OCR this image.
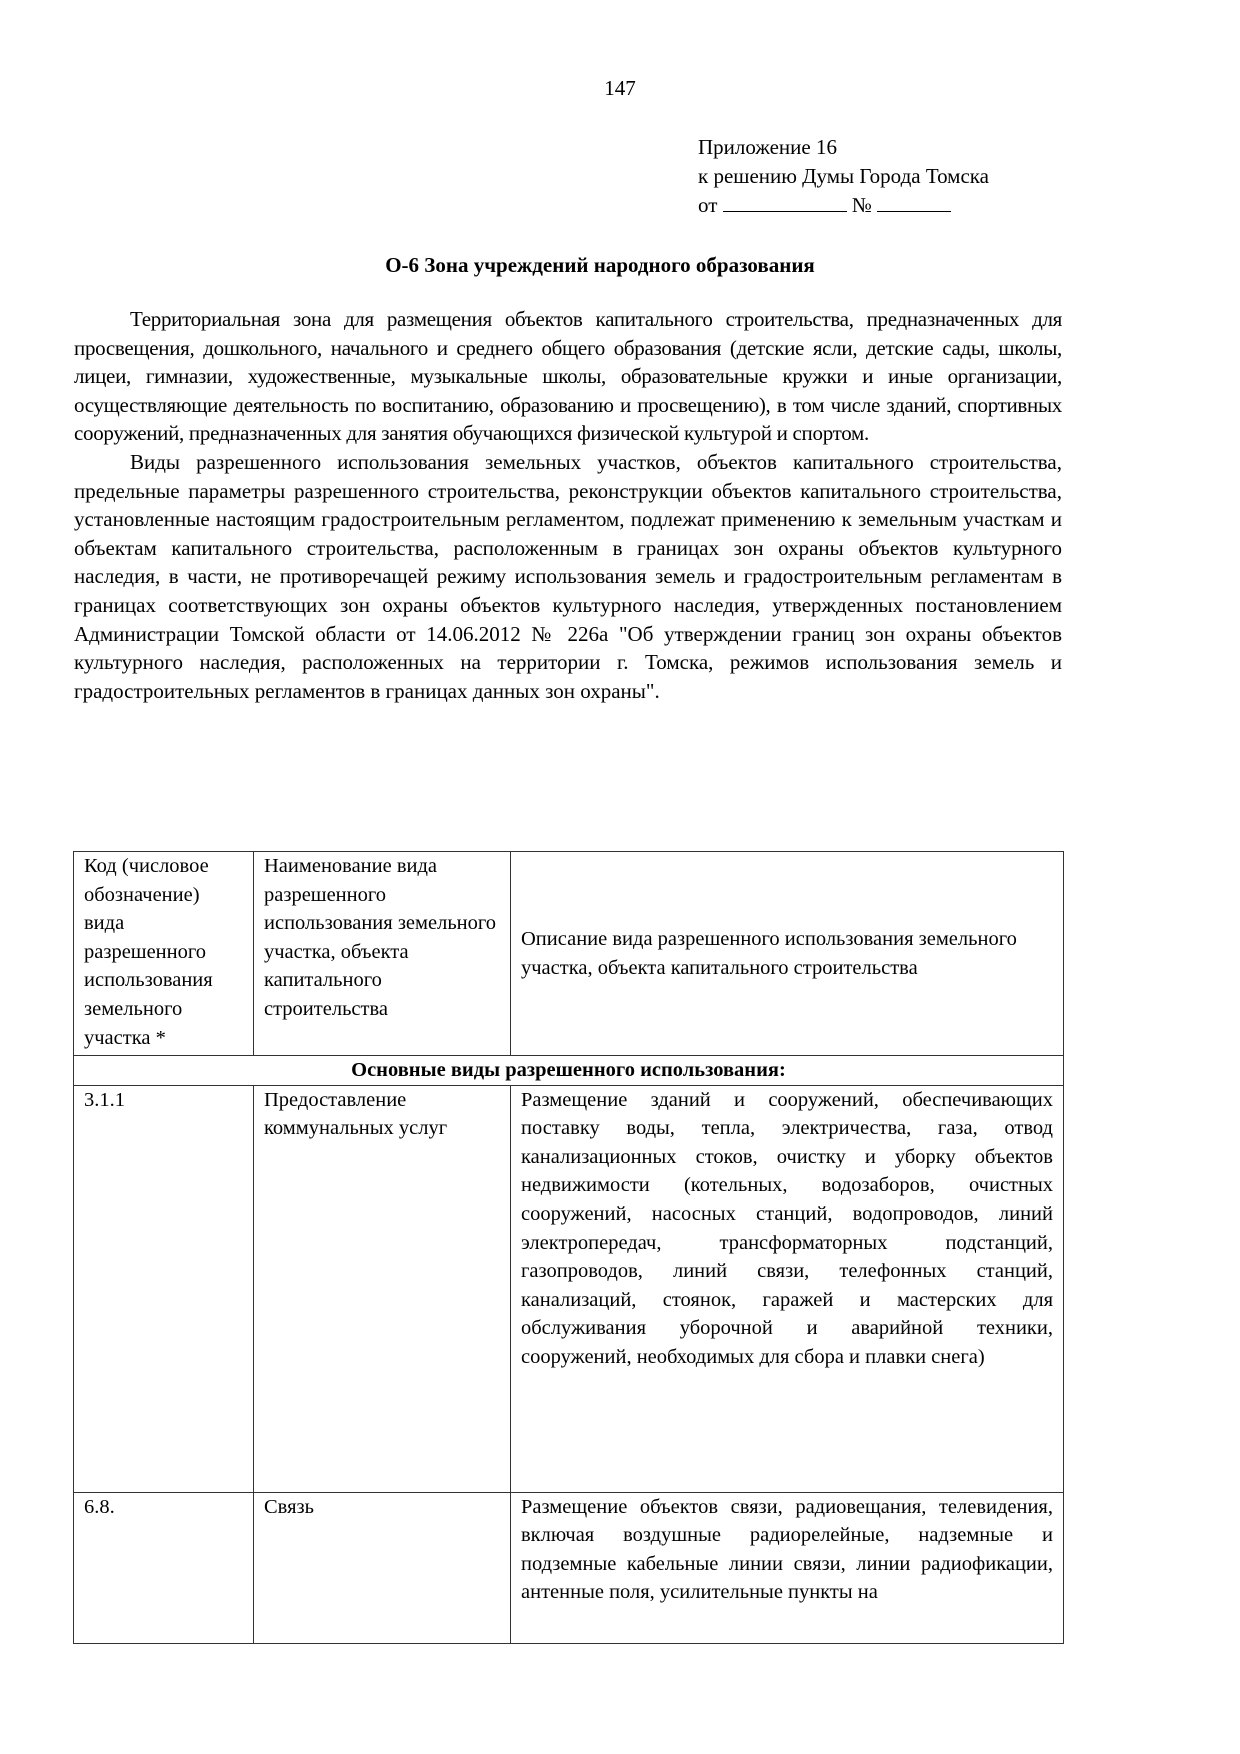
147
Приложение 16
к решению Думы Города Томска
от	№
О-6 Зона учреждений народного образования

Территориальная зона для размещения объектов капитального строительства, предназначенных для просвещения, дошкольного, начального и среднего общего образования (детские ясли, детские сады, школы, лицеи, гимназии, художественные, музыкальные школы, образовательные кружки и иные организации, осуществляющие деятельность по воспитанию, образованию и просвещению), в том числе зданий, спортивных сооружений, предназначенных для занятия обучающихся физической культурой и спортом.

Виды разрешенного использования земельных участков, объектов капитального строительства, предельные параметры разрешенного строительства, реконструкции объектов капитального строительства, установленные настоящим градостроительным регламентом, подлежат применению к земельным участкам и объектам капитального строительства, расположенным в границах зон охраны объектов культурного наследия, в части, не противоречащей режиму использования земель и градостроительным регламентам в границах соответствующих зон охраны объектов культурного наследия, утвержденных постановлением Администрации Томской области от 14.06.2012 № 226а "Об утверждении границ зон охраны объектов культурного наследия, расположенных на территории г. Томска, режимов использования земель и градостроительных регламентов в границах данных зон охраны".

Код (числовое обозначение) вида разрешенного использования земельного участка *	Наименование вида разрешенного использования земельного участка, объекта капитального строительства	Описание вида разрешенного использования земельного участка, объекта капитального строительства
Основные виды разрешенного использования:		
3.1.1	Предоставление коммунальных услуг	Размещение зданий и сооружений, обеспечивающих поставку воды, тепла, электричества, газа, отвод канализационных стоков, очистку и уборку объектов недвижимости (котельных, водозаборов, очистных сооружений, насосных станций, водопроводов, линий электропередач, трансформаторных подстанций, газопроводов, линий связи, телефонных станций, канализаций, стоянок, гаражей и мастерских для обслуживания уборочной и аварийной техники, сооружений, необходимых для сбора и плавки снега)
6.8.	Связь	Размещение объектов связи, радиовещания, телевидения, включая воздушные радиорелейные, надземные и подземные кабельные линии связи, линии радиофикации, антенные поля, усилительные пункты на
